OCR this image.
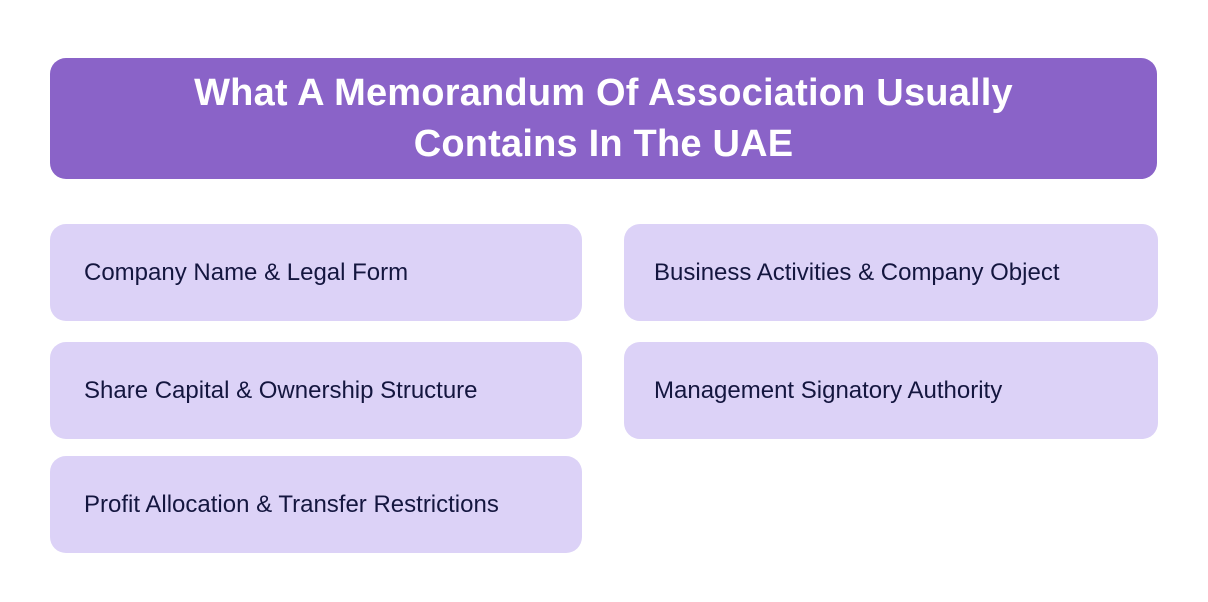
What A Memorandum Of Association Usually Contains In The UAE
Company Name & Legal Form	Business Activities & Company Object
Share Capital & Ownership Structure	Management Signatory Authority
Profit Allocation & Transfer Restrictions
